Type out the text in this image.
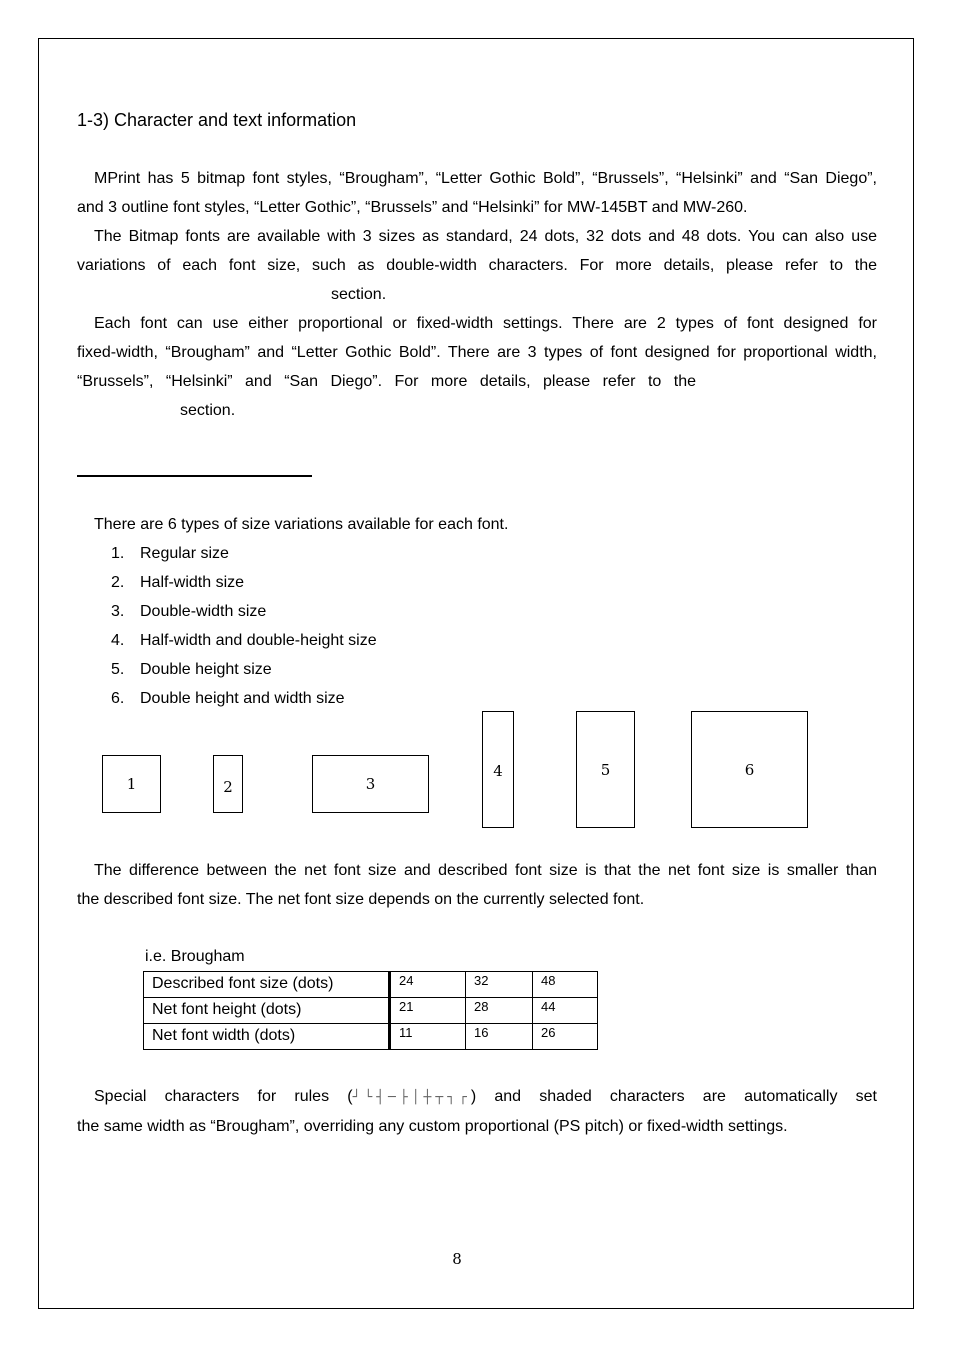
1-3) Character and text information
MPrint has 5 bitmap font styles, “Brougham”, “Letter Gothic Bold”, “Brussels”, “Helsinki” and “San Diego”,
and 3 outline font styles, “Letter Gothic”, “Brussels” and “Helsinki” for MW-145BT and MW-260.
The Bitmap fonts are available with 3 sizes as standard, 24 dots, 32 dots and 48 dots. You can also use
variations of each font size, such as double-width characters. For more details, please refer to the
section.
Each font can use either proportional or fixed-width settings. There are 2 types of font designed for
fixed-width, “Brougham” and “Letter Gothic Bold”. There are 3 types of font designed for proportional width,
“Brussels”, “Helsinki” and “San Diego”. For more details, please refer to the
section.
There are 6 types of size variations available for each font.
1. Regular size
2. Half-width size
3. Double-width size
4. Half-width and double-height size
5. Double height size
6. Double height and width size
1	2	3
4	5	6
The difference between the net font size and described font size is that the net font size is smaller than
the described font size. The net font size depends on the currently selected font.
i.e. Brougham
Described font size (dots)	24	32	48
Net font height (dots)	21	28	44
Net font width (dots)	11	16	26
Special characters for rules (┘└┤─├│┼┬┐┌) and shaded characters are automatically set
the same width as “Brougham”, overriding any custom proportional (PS pitch) or fixed-width settings.
8
